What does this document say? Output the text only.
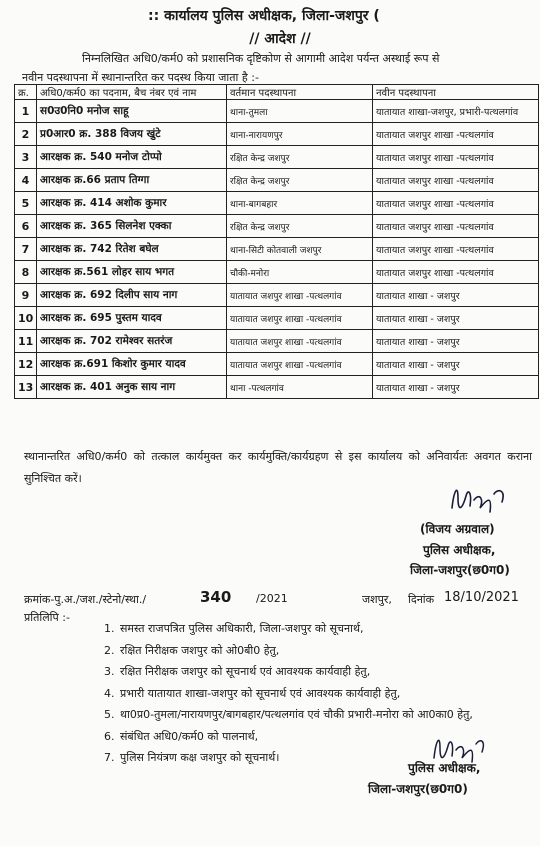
:: कार्यालय पुलिस अधीक्षक, जिला-जशपुर (
// आदेश //
निम्नलिखित अधि0/कर्म0 को प्रशासनिक दृष्टिकोण से आगामी आदेश पर्यन्त अस्थाई रूप से
नवीन पदस्थापना में स्थानान्तरित कर पदस्थ किया जाता है :-
क्र.	अधि0/कर्म0 का पदनाम, बैच नंबर एवं नाम	वर्तमान पदस्थापना	नवीन पदस्थापना
1	स0उ0नि0 मनोज साहू	थाना-तुमला	यातायात शाखा-जशपुर, प्रभारी-पत्थलगांव
2	प्र0आर0 क्र. 388 विजय खुंटे	थाना-नारायणपुर	यातायात जशपुर शाखा -पत्थलगांव
3	आरक्षक क्र. 540 मनोज टोप्पो	रक्षित केन्द्र जशपुर	यातायात जशपुर शाखा -पत्थलगांव
4	आरक्षक क्र.66 प्रताप तिग्गा	रक्षित केन्द्र जशपुर	यातायात जशपुर शाखा -पत्थलगांव
5	आरक्षक क्र. 414 अशोक कुमार	थाना-बागबहार	यातायात जशपुर शाखा -पत्थलगांव
6	आरक्षक क्र. 365 सिलनेश एक्का	रक्षित केन्द्र जशपुर	यातायात जशपुर शाखा -पत्थलगांव
7	आरक्षक क्र. 742 रितेश बघेल	थाना-सिटी कोतवाली जशपुर	यातायात जशपुर शाखा -पत्थलगांव
8	आरक्षक क्र.561 लोहर साय भगत	चौकी-मनोरा	यातायात जशपुर शाखा -पत्थलगांव
9	आरक्षक क्र. 692 दिलीप साय नाग	यातायात जशपुर शाखा -पत्थलगांव	यातायात शाखा - जशपुर
10	आरक्षक क्र. 695 पुस्तम यादव	यातायात जशपुर शाखा -पत्थलगांव	यातायात शाखा - जशपुर
11	आरक्षक क्र. 702 रामेश्वर सतरंज	यातायात जशपुर शाखा -पत्थलगांव	यातायात शाखा - जशपुर
12	आरक्षक क्र.691 किशोर कुमार यादव	यातायात जशपुर शाखा -पत्थलगांव	यातायात शाखा - जशपुर
13	आरक्षक क्र. 401 अनुक साय नाग	थाना -पत्थलगांव	यातायात शाखा - जशपुर
स्थानान्तरित अधि0/कर्म0 को तत्काल कार्यमुक्त कर कार्यमुक्ति/कार्यग्रहण से इस कार्यालय को अनिवार्यतः अवगत कराना सुनिश्चित करें।
(विजय अग्रवाल)
पुलिस अधीक्षक,
जिला-जशपुर(छ0ग0)
क्रमांक-पु.अ./जश./स्टेनो/स्था./	340 /2021	जशपुर, दिनांक 18/10/2021
प्रतिलिपि :-
1. समस्त राजपत्रित पुलिस अधिकारी, जिला-जशपुर को सूचनार्थ,
2. रक्षित निरीक्षक जशपुर को ओ0बी0 हेतु,
3. रक्षित निरीक्षक जशपुर को सूचनार्थ एवं आवश्यक कार्यवाही हेतु,
4. प्रभारी यातायात शाखा-जशपुर को सूचनार्थ एवं आवश्यक कार्यवाही हेतु,
5. था0प्र0-तुमला/नारायणपुर/बागबहार/पत्थलगांव एवं चौकी प्रभारी-मनोरा को आ0का0 हेतु,
6. संबंधित अधि0/कर्म0 को पालनार्थ,
7. पुलिस नियंत्रण कक्ष जशपुर को सूचनार्थ।
पुलिस अधीक्षक,
जिला-जशपुर(छ0ग0)
